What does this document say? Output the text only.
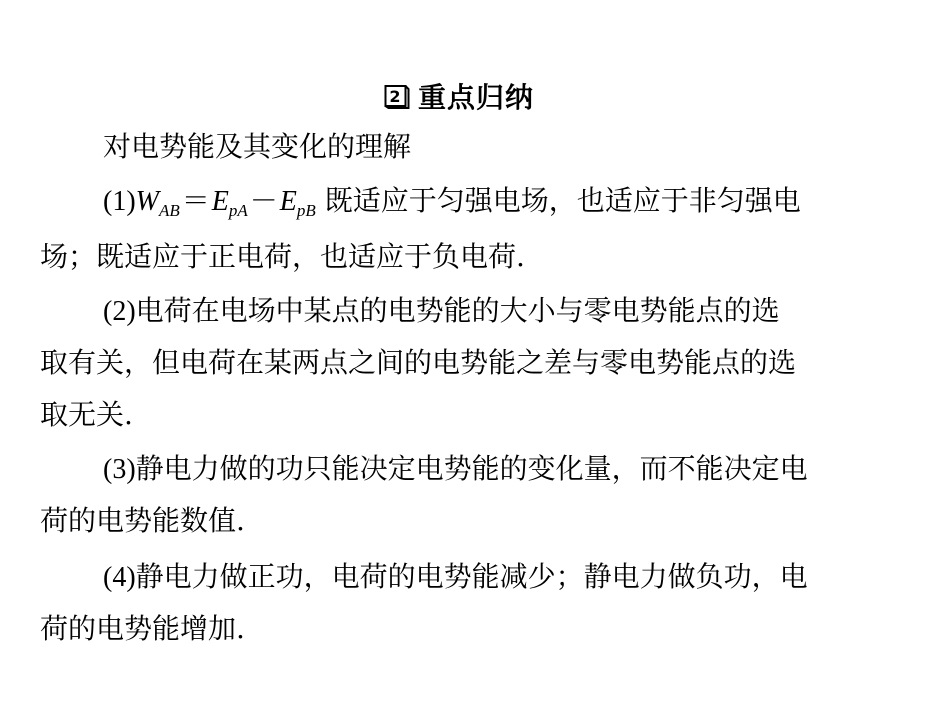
2 重点归纳
对电势能及其变化的理解
$(1)W_{AB}=E_{pA}-E_{pB}$ 既适应于匀强电场，也适应于非匀强电
场；既适应于正电荷，也适应于负电荷.
(2)电荷在电场中某点的电势能的大小与零电势能点的选
取有关，但电荷在某两点之间的电势能之差与零电势能点的选
取无关.
(3)静电力做的功只能决定电势能的变化量，而不能决定电
荷的电势能数值.
(4)静电力做正功，电荷的电势能减少；静电力做负功，电
荷的电势能增加.
